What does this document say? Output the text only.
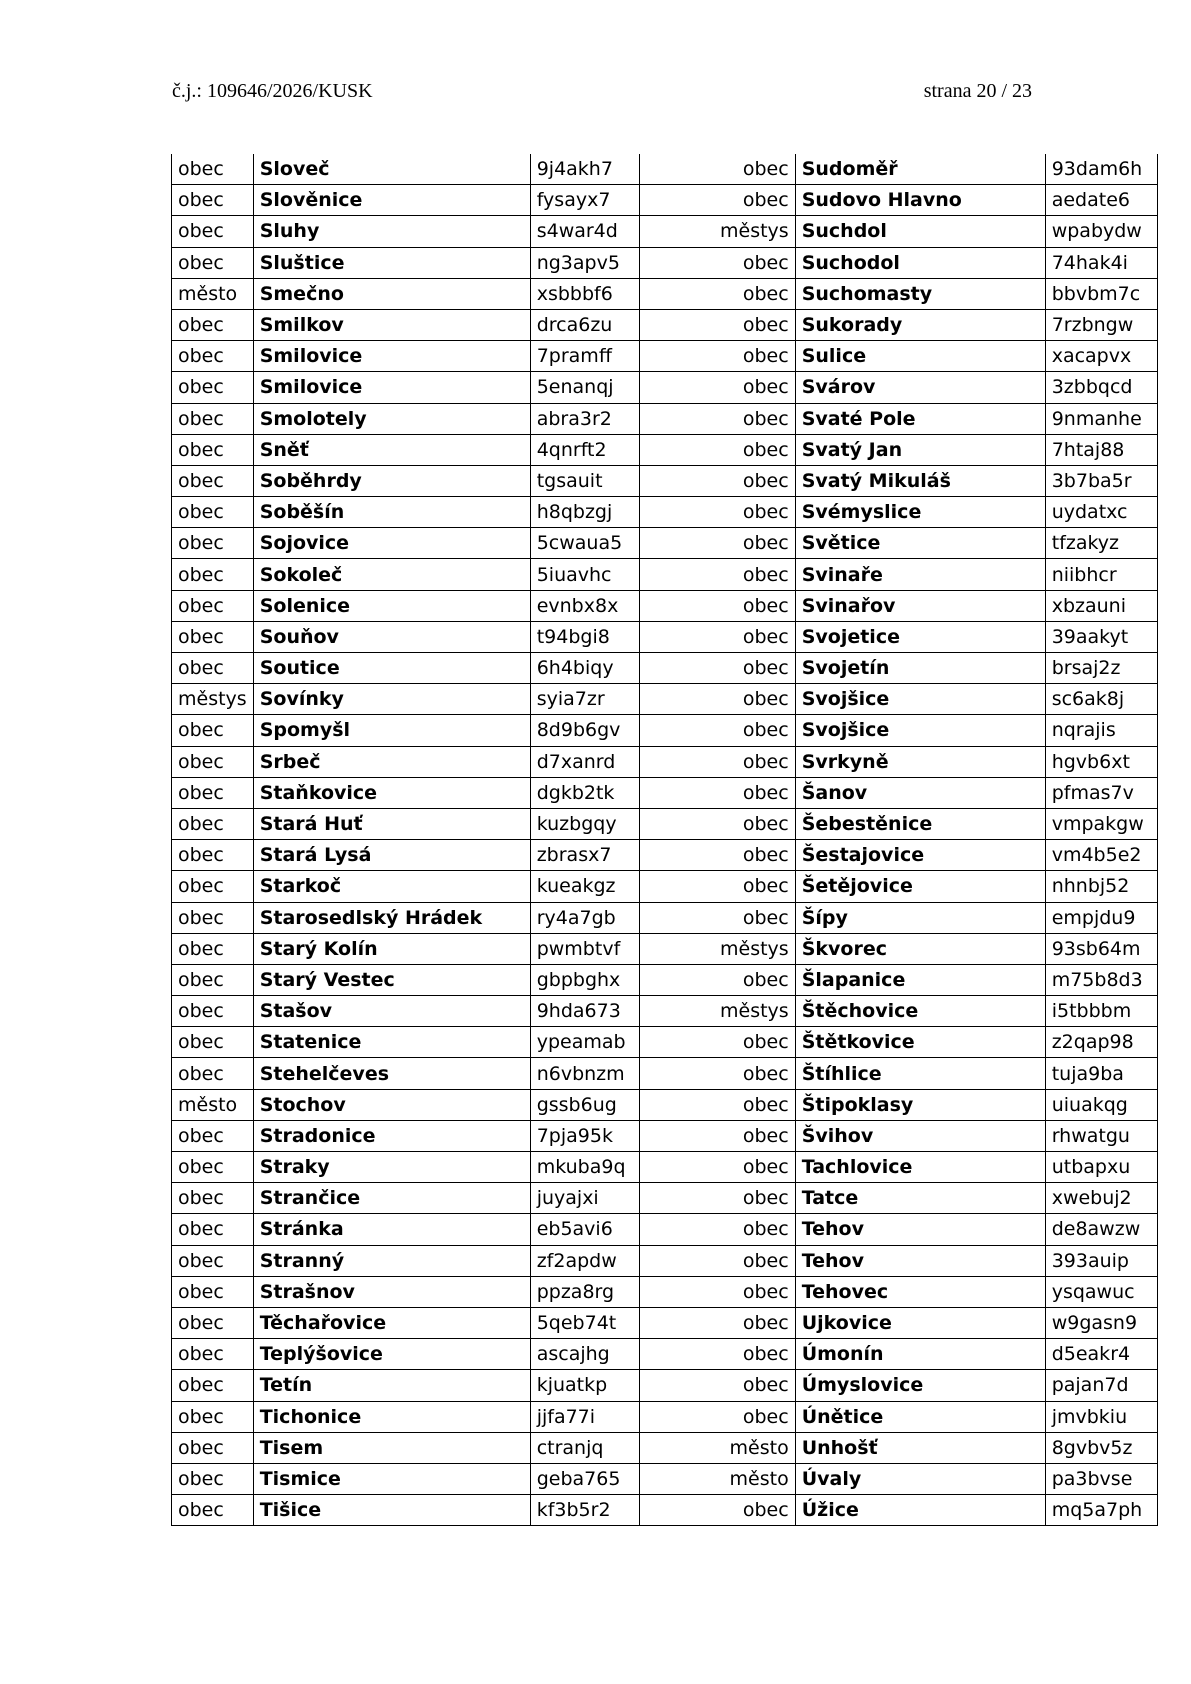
č.j.: 109646/2026/KUSK	strana 20 / 23
obec	Sloveč	9j4akh7	obec	Sudoměř	93dam6h
obec	Slověnice	fysayx7	obec	Sudovo Hlavno	aedate6
obec	Sluhy	s4war4d	městys	Suchdol	wpabydw
obec	Sluštice	ng3apv5	obec	Suchodol	74hak4i
město	Smečno	xsbbbf6	obec	Suchomasty	bbvbm7c
obec	Smilkov	drca6zu	obec	Sukorady	7rzbngw
obec	Smilovice	7pramff	obec	Sulice	xacapvx
obec	Smilovice	5enanqj	obec	Svárov	3zbbqcd
obec	Smolotely	abra3r2	obec	Svaté Pole	9nmanhe
obec	Sněť	4qnrft2	obec	Svatý Jan	7htaj88
obec	Soběhrdy	tgsauit	obec	Svatý Mikuláš	3b7ba5r
obec	Soběšín	h8qbzgj	obec	Svémyslice	uydatxc
obec	Sojovice	5cwaua5	obec	Světice	tfzakyz
obec	Sokoleč	5iuavhc	obec	Svinaře	niibhcr
obec	Solenice	evnbx8x	obec	Svinařov	xbzauni
obec	Souňov	t94bgi8	obec	Svojetice	39aakyt
obec	Soutice	6h4biqy	obec	Svojetín	brsaj2z
městys	Sovínky	syia7zr	obec	Svojšice	sc6ak8j
obec	Spomyšl	8d9b6gv	obec	Svojšice	nqrajis
obec	Srbeč	d7xanrd	obec	Svrkyně	hgvb6xt
obec	Staňkovice	dgkb2tk	obec	Šanov	pfmas7v
obec	Stará Huť	kuzbgqy	obec	Šebestěnice	vmpakgw
obec	Stará Lysá	zbrasx7	obec	Šestajovice	vm4b5e2
obec	Starkoč	kueakgz	obec	Šetějovice	nhnbj52
obec	Starosedlský Hrádek	ry4a7gb	obec	Šípy	empjdu9
obec	Starý Kolín	pwmbtvf	městys	Škvorec	93sb64m
obec	Starý Vestec	gbpbghx	obec	Šlapanice	m75b8d3
obec	Stašov	9hda673	městys	Štěchovice	i5tbbbm
obec	Statenice	ypeamab	obec	Štětkovice	z2qap98
obec	Stehelčeves	n6vbnzm	obec	Štíhlice	tuja9ba
město	Stochov	gssb6ug	obec	Štipoklasy	uiuakqg
obec	Stradonice	7pja95k	obec	Švihov	rhwatgu
obec	Straky	mkuba9q	obec	Tachlovice	utbapxu
obec	Strančice	juyajxi	obec	Tatce	xwebuj2
obec	Stránka	eb5avi6	obec	Tehov	de8awzw
obec	Stranný	zf2apdw	obec	Tehov	393auip
obec	Strašnov	ppza8rg	obec	Tehovec	ysqawuc
obec	Těchařovice	5qeb74t	obec	Ujkovice	w9gasn9
obec	Teplýšovice	ascajhg	obec	Úmonín	d5eakr4
obec	Tetín	kjuatkp	obec	Úmyslovice	pajan7d
obec	Tichonice	jjfa77i	obec	Únětice	jmvbkiu
obec	Tisem	ctranjq	město	Unhošť	8gvbv5z
obec	Tismice	geba765	město	Úvaly	pa3bvse
obec	Tišice	kf3b5r2	obec	Úžice	mq5a7ph
